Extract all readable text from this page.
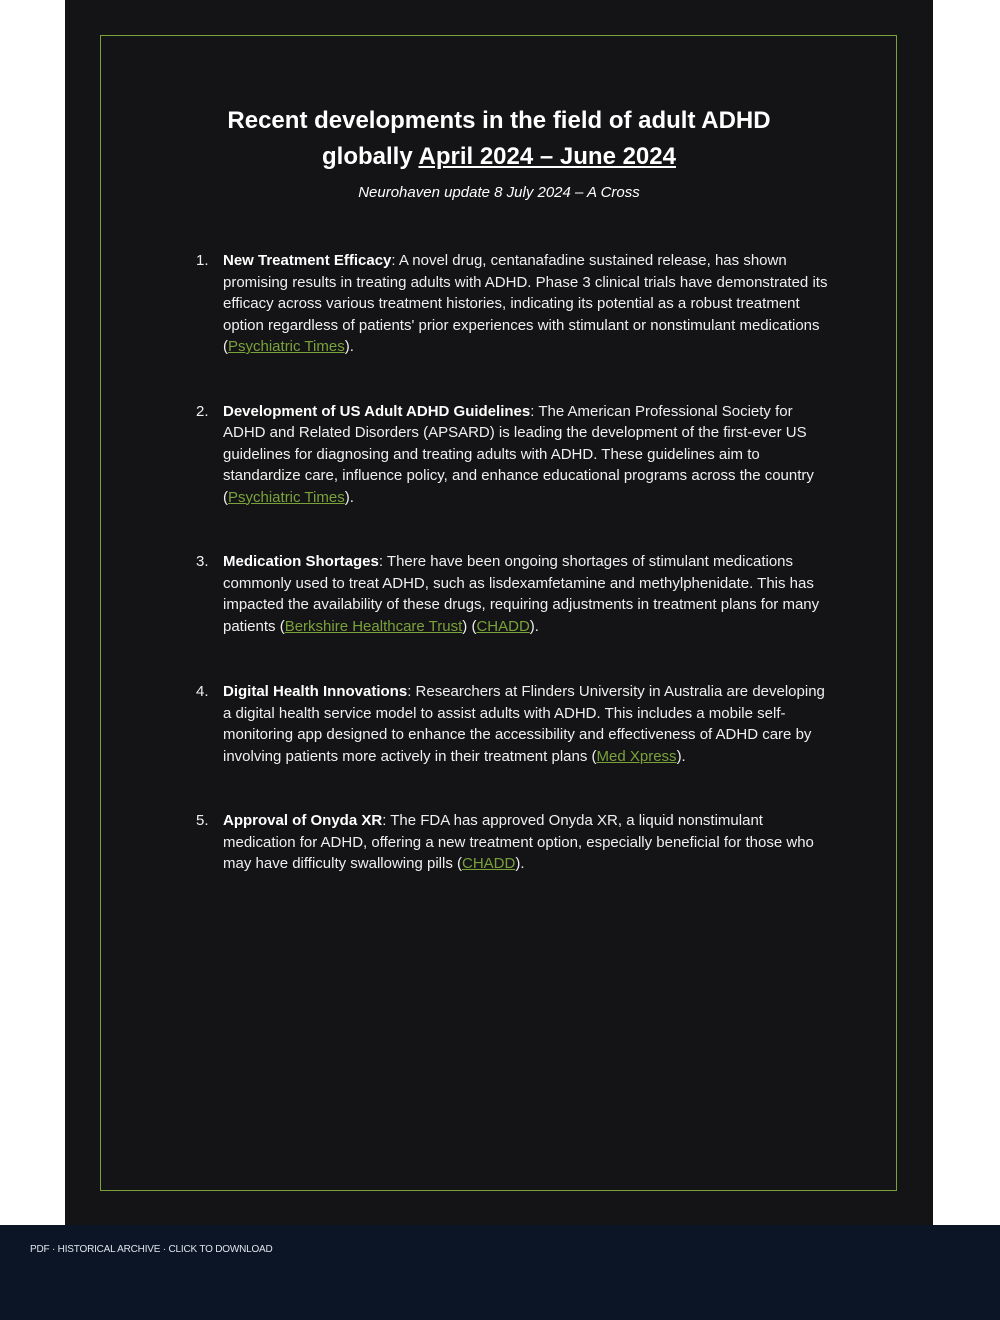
Recent developments in the field of adult ADHD
globally April 2024 – June 2024
Neurohaven update 8 July 2024 – A Cross
1. New Treatment Efficacy: A novel drug, centanafadine sustained release, has shown promising results in treating adults with ADHD. Phase 3 clinical trials have demonstrated its efficacy across various treatment histories, indicating its potential as a robust treatment option regardless of patients' prior experiences with stimulant or nonstimulant medications (Psychiatric Times).
2. Development of US Adult ADHD Guidelines: The American Professional Society for ADHD and Related Disorders (APSARD) is leading the development of the first-ever US guidelines for diagnosing and treating adults with ADHD. These guidelines aim to standardize care, influence policy, and enhance educational programs across the country (Psychiatric Times).
3. Medication Shortages: There have been ongoing shortages of stimulant medications commonly used to treat ADHD, such as lisdexamfetamine and methylphenidate. This has impacted the availability of these drugs, requiring adjustments in treatment plans for many patients (Berkshire Healthcare Trust) (CHADD).
4. Digital Health Innovations: Researchers at Flinders University in Australia are developing a digital health service model to assist adults with ADHD. This includes a mobile self-monitoring app designed to enhance the accessibility and effectiveness of ADHD care by involving patients more actively in their treatment plans (Med Xpress).
5. Approval of Onyda XR: The FDA has approved Onyda XR, a liquid nonstimulant medication for ADHD, offering a new treatment option, especially beneficial for those who may have difficulty swallowing pills (CHADD).
PDF · HISTORICAL ARCHIVE · CLICK TO DOWNLOAD
